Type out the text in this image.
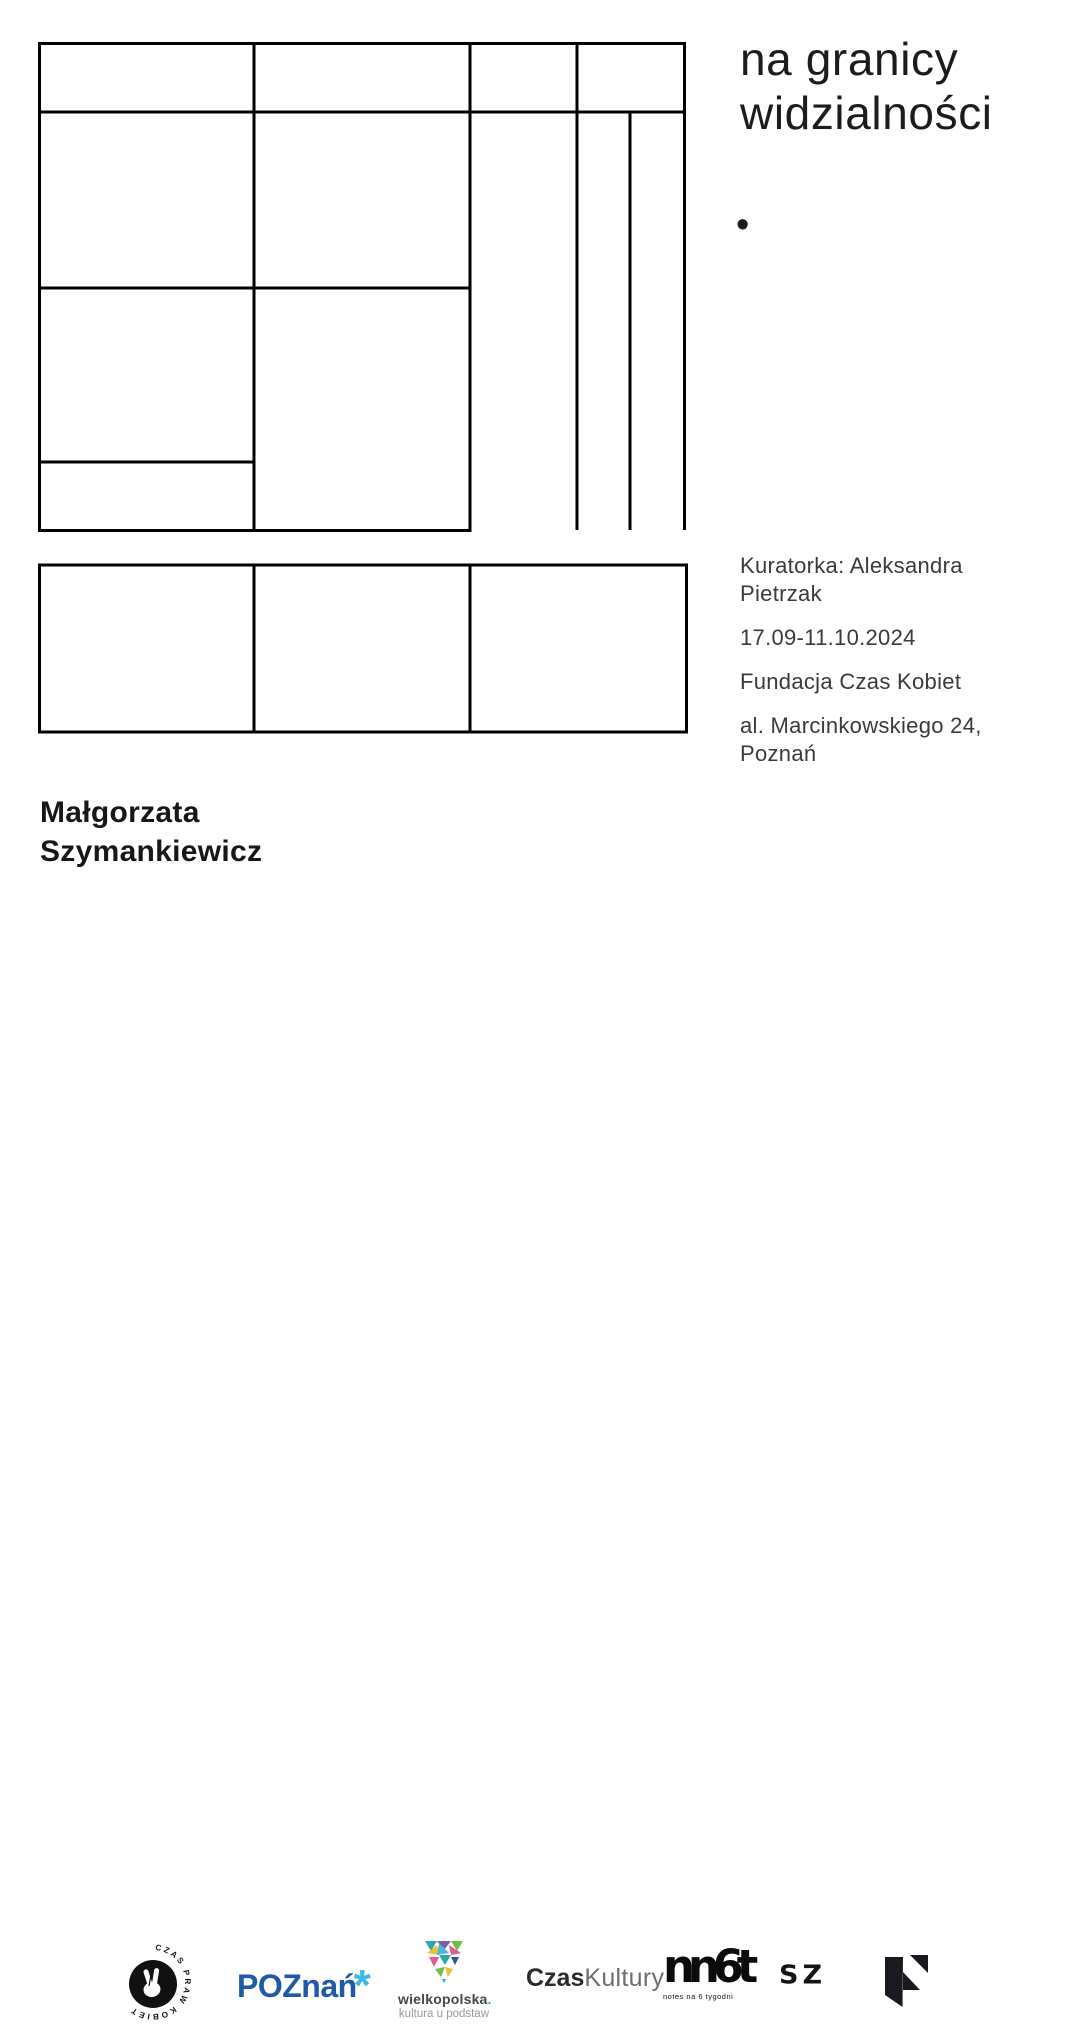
na granicy
widzialności
•

Kuratorka: Aleksandra Pietrzak

17.09-11.10.2024

Fundacja Czas Kobiet

al. Marcinkowskiego 24, Poznań

Małgorzata
Szymankiewicz
CZAS PRAW KOBIET
POZnań* wielkopolska.
kultura u podstaw
CzasKultury
nn6t
notes na 6 tygodni
SZ
